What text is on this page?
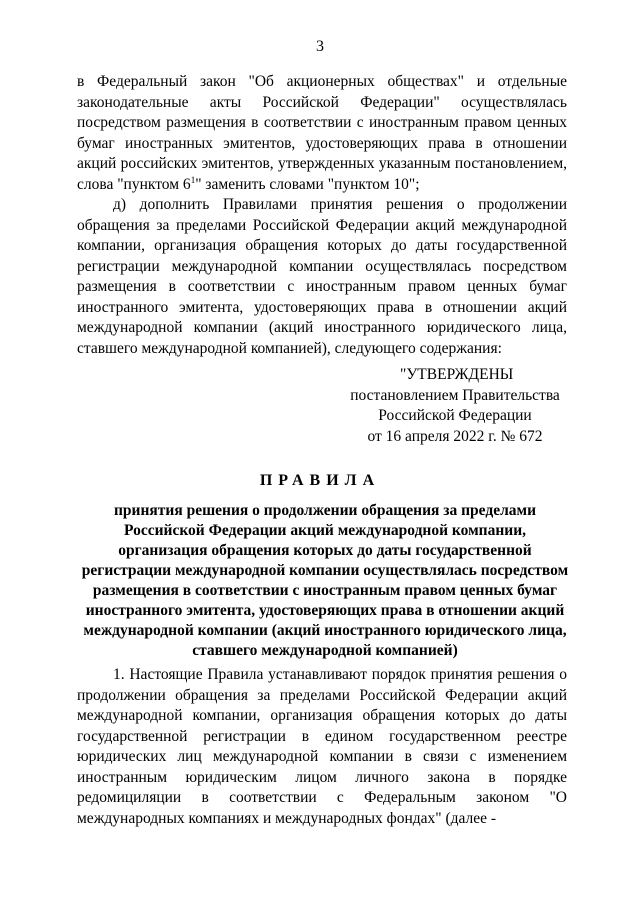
3

в Федеральный закон "Об акционерных обществах" и отдельные законодательные акты Российской Федерации" осуществлялась посредством размещения в соответствии с иностранным правом ценных бумаг иностранных эмитентов, удостоверяющих права в отношении акций российских эмитентов, утвержденных указанным постановлением, слова "пунктом $6^1$" заменить словами "пунктом 10";

д) дополнить Правилами принятия решения о продолжении обращения за пределами Российской Федерации акций международной компании, организация обращения которых до даты государственной регистрации международной компании осуществлялась посредством размещения в соответствии с иностранным правом ценных бумаг иностранного эмитента, удостоверяющих права в отношении акций международной компании (акций иностранного юридического лица, ставшего международной компанией), следующего содержания:

"УТВЕРЖДЕНЫ
постановлением Правительства
Российской Федерации
от 16 апреля 2022 г. № 672
ПРАВИЛА

принятия решения о продолжении обращения за пределами Российской Федерации акций международной компании, организация обращения которых до даты государственной регистрации международной компании осуществлялась посредством размещения в соответствии с иностранным правом ценных бумаг иностранного эмитента, удостоверяющих права в отношении акций международной компании (акций иностранного юридического лица, ставшего международной компанией)

1. Настоящие Правила устанавливают порядок принятия решения о продолжении обращения за пределами Российской Федерации акций международной компании, организация обращения которых до даты государственной регистрации в едином государственном реестре юридических лиц международной компании в связи с изменением иностранным юридическим лицом личного закона в порядке редомициляции в соответствии с Федеральным законом "О международных компаниях и международных фондах" (далее -
